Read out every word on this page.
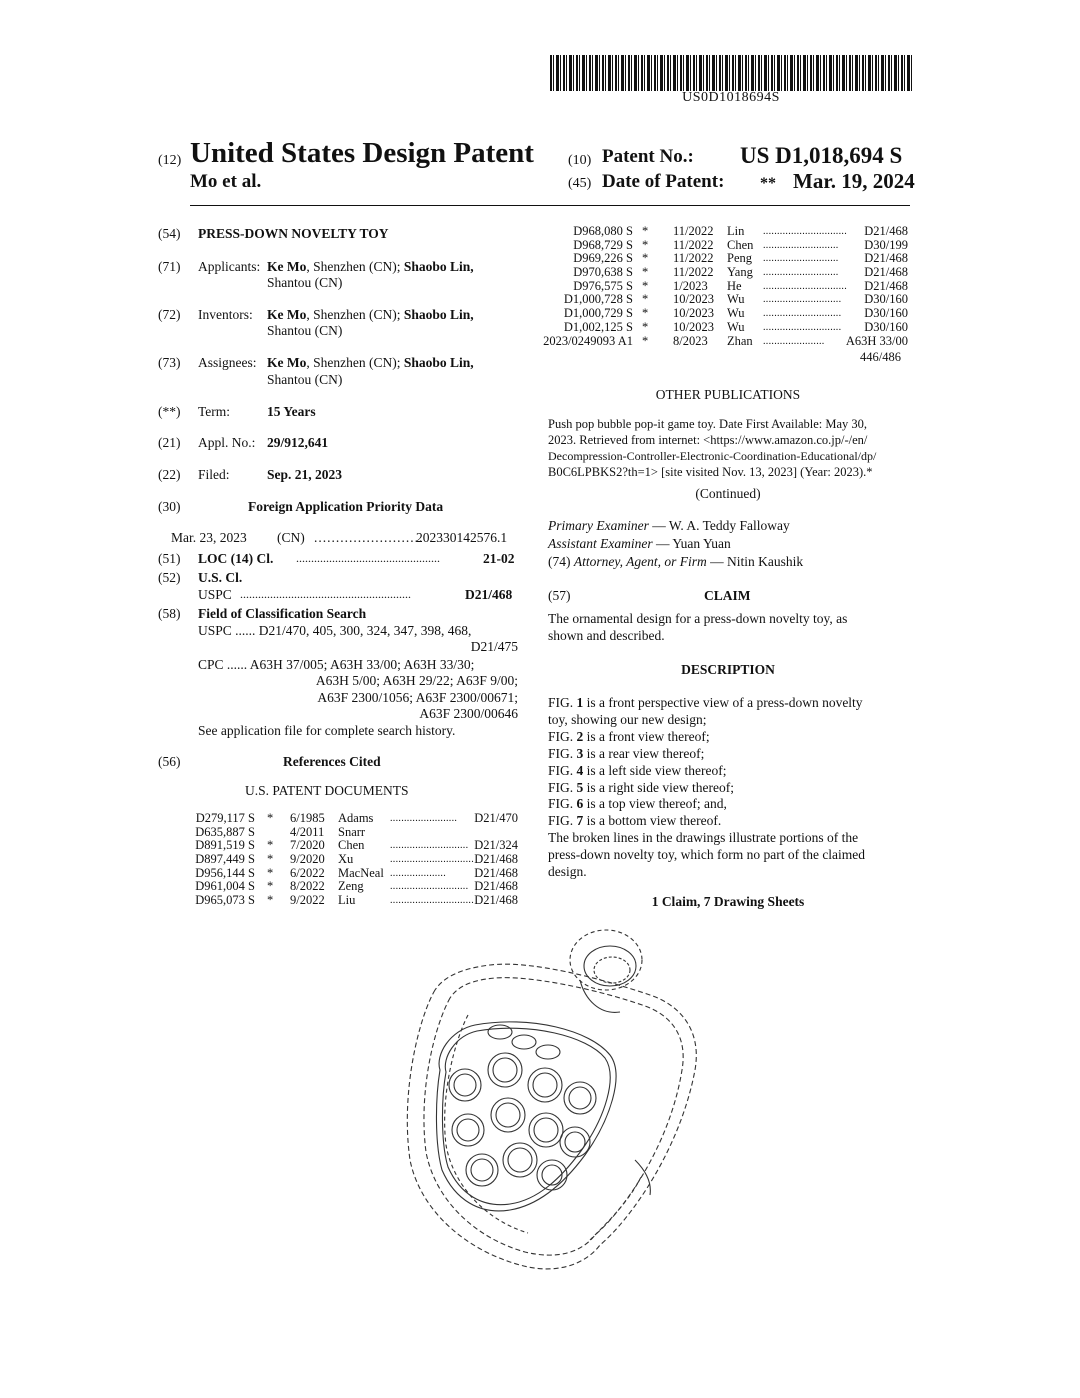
US0D1018694S
(12) United States Design Patent (10) Patent No.: US D1,018,694 S
Mo et al.	(45) Date of Patent: ** Mar. 19, 2024
(54) PRESS-DOWN NOVELTY TOY
(71) Applicants: Ke Mo, Shenzhen (CN); Shaobo Lin,
Shantou (CN)
(72) Inventors: Ke Mo, Shenzhen (CN); Shaobo Lin,
Shantou (CN)
(73) Assignees: Ke Mo, Shenzhen (CN); Shaobo Lin,
Shantou (CN)
(**) Term:	15 Years
(21) Appl. No.: 29/912,641
(22) Filed:	Sep. 21, 2023
(30)	Foreign Application Priority Data
Mar. 23, 2023 (CN) .........................
202330142576.1
(51) LOC (14) Cl. ................................................	21-02
(52) U.S. Cl.
USPC .........................................................	D21/468
(58) Field of Classification Search
USPC ...... D21/470, 405, 300, 324, 347, 398, 468,
D21/475
CPC ...... A63H 37/005; A63H 33/00; A63H 33/30;
A63H 5/00; A63H 29/22; A63F 9/00;
A63F 2300/1056; A63F 2300/00671;
A63F 2300/00646
See application file for complete search history.
(56)	References Cited
U.S. PATENT DOCUMENTS
D279,117 S * 6/1985 Adams ........................ D21/470
D635,887 S	4/2011 Snarr
D891,519 S * 7/2020 Chen	............................ D21/324
D897,449 S * 9/2020 Xu	.............................. D21/468
D956,144 S * 6/2022 MacNeal .................... D21/468
D961,004 S * 8/2022 Zeng	............................ D21/468
D965,073 S * 9/2022 Liu	.............................. D21/468
D968,080 S * 11/2022 Lin .............................. D21/468
D968,729 S * 11/2022 Chen ........................... D30/199
D969,226 S * 11/2022 Peng ........................... D21/468
D970,638 S * 11/2022 Yang ........................... D21/468
D976,575 S * 1/2023 He .............................. D21/468
D1,000,728 S * 10/2023 Wu ............................ D30/160
D1,000,729 S * 10/2023 Wu ............................ D30/160
D1,002,125 S * 10/2023 Wu ............................ D30/160
2023/0249093 A1 * 8/2023 Zhan ...................... A63H 33/00
446/486
OTHER PUBLICATIONS
Push pop bubble pop-it game toy. Date First Available: May 30,
2023. Retrieved from internet: <https://www.amazon.co.jp/-/en/
Decompression-Controller-Electronic-Coordination-Educational/dp/
B0C6LPBKS2?th=1> [site visited Nov. 13, 2023] (Year: 2023).*
(Continued)
Primary Examiner — W. A. Teddy Falloway
Assistant Examiner — Yuan Yuan
(74) Attorney, Agent, or Firm — Nitin Kaushik
(57)	CLAIM
The ornamental design for a press-down novelty toy, as
shown and described.
DESCRIPTION
FIG. 1 is a front perspective view of a press-down novelty
toy, showing our new design;
FIG. 2 is a front view thereof;
FIG. 3 is a rear view thereof;
FIG. 4 is a left side view thereof;
FIG. 5 is a right side view thereof;
FIG. 6 is a top view thereof; and,
FIG. 7 is a bottom view thereof.
The broken lines in the drawings illustrate portions of the
press-down novelty toy, which form no part of the claimed
design.
1 Claim, 7 Drawing Sheets
